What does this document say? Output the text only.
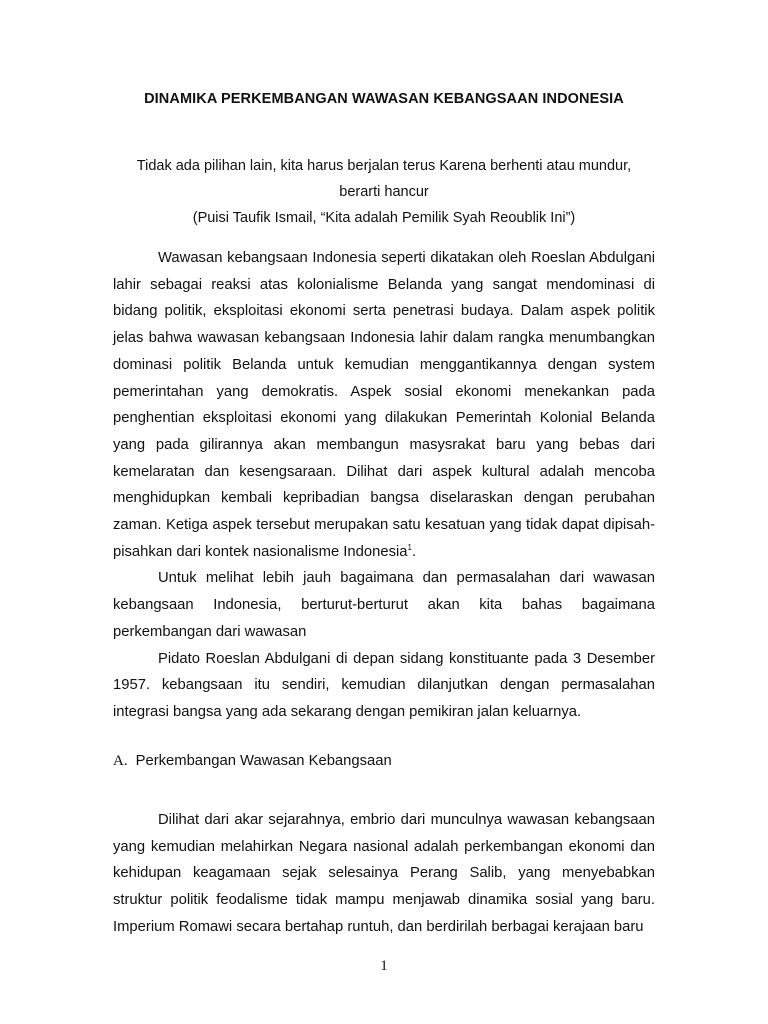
DINAMIKA PERKEMBANGAN WAWASAN KEBANGSAAN INDONESIA
Tidak ada pilihan lain, kita harus berjalan terus Karena berhenti atau mundur,
berarti hancur
(Puisi Taufik Ismail, “Kita adalah Pemilik Syah Reoublik Ini”)

Wawasan kebangsaan Indonesia seperti dikatakan oleh Roeslan Abdulgani lahir sebagai reaksi atas kolonialisme Belanda yang sangat mendominasi di bidang politik, eksploitasi ekonomi serta penetrasi budaya. Dalam aspek politik jelas bahwa wawasan kebangsaan Indonesia lahir dalam rangka menumbangkan dominasi politik Belanda untuk kemudian menggantikannya dengan system pemerintahan yang demokratis. Aspek sosial ekonomi menekankan pada penghentian eksploitasi ekonomi yang dilakukan Pemerintah Kolonial Belanda yang pada gilirannya akan membangun masysrakat baru yang bebas dari kemelaratan dan kesengsaraan. Dilihat dari aspek kultural adalah mencoba menghidupkan kembali kepribadian bangsa diselaraskan dengan perubahan zaman. Ketiga aspek tersebut merupakan satu kesatuan yang tidak dapat dipisah-pisahkan dari kontek nasionalisme Indonesia$^1$.

Untuk melihat lebih jauh bagaimana dan permasalahan dari wawasan kebangsaan Indonesia, berturut-berturut akan kita bahas bagaimana perkembangan dari wawasan

Pidato Roeslan Abdulgani di depan sidang konstituante pada 3 Desember 1957. kebangsaan itu sendiri, kemudian dilanjutkan dengan permasalahan integrasi bangsa yang ada sekarang dengan pemikiran jalan keluarnya.

A. Perkembangan Wawasan Kebangsaan

Dilihat dari akar sejarahnya, embrio dari munculnya wawasan kebangsaan yang kemudian melahirkan Negara nasional adalah perkembangan ekonomi dan kehidupan keagamaan sejak selesainya Perang Salib, yang menyebabkan struktur politik feodalisme tidak mampu menjawab dinamika sosial yang baru. Imperium Romawi secara bertahap runtuh, dan berdirilah berbagai kerajaan baru

1
